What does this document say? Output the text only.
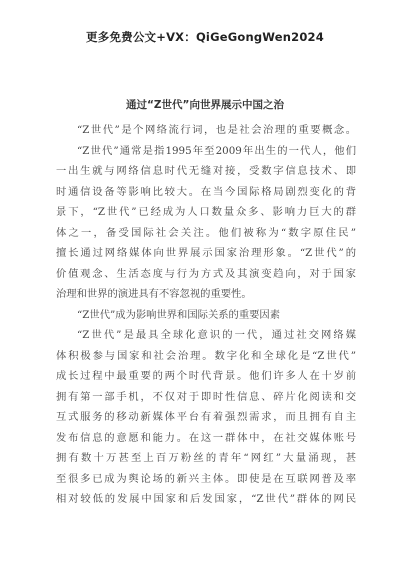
更多免费公文+VX：QiGeGongWen2024
通过“Z世代”向世界展示中国之治
“Z世代”是个网络流行词，也是社会治理的重要概念。
“Z世代”通常是指1995年至2009年出生的一代人，他们
一出生就与网络信息时代无缝对接，受数字信息技术、即
时通信设备等影响比较大。在当今国际格局剧烈变化的背
景下，“Z世代”已经成为人口数量众多、影响力巨大的群
体之一，备受国际社会关注。他们被称为“数字原住民”
擅长通过网络媒体向世界展示国家治理形象。“Z世代”的
价值观念、生活态度与行为方式及其演变趋向，对于国家
治理和世界的演进具有不容忽视的重要性。
“Z世代”成为影响世界和国际关系的重要因素
“Z世代”是最具全球化意识的一代，通过社交网络媒
体积极参与国家和社会治理。数字化和全球化是“Z世代”
成长过程中最重要的两个时代背景。他们许多人在十岁前
拥有第一部手机，不仅对于即时性信息、碎片化阅读和交
互式服务的移动新媒体平台有着强烈需求，而且拥有自主
发布信息的意愿和能力。在这一群体中，在社交媒体账号
拥有数十万甚至上百万粉丝的青年“网红”大量涌现，甚
至很多已成为舆论场的新兴主体。即使是在互联网普及率
相对较低的发展中国家和后发国家，“Z世代”群体的网民
